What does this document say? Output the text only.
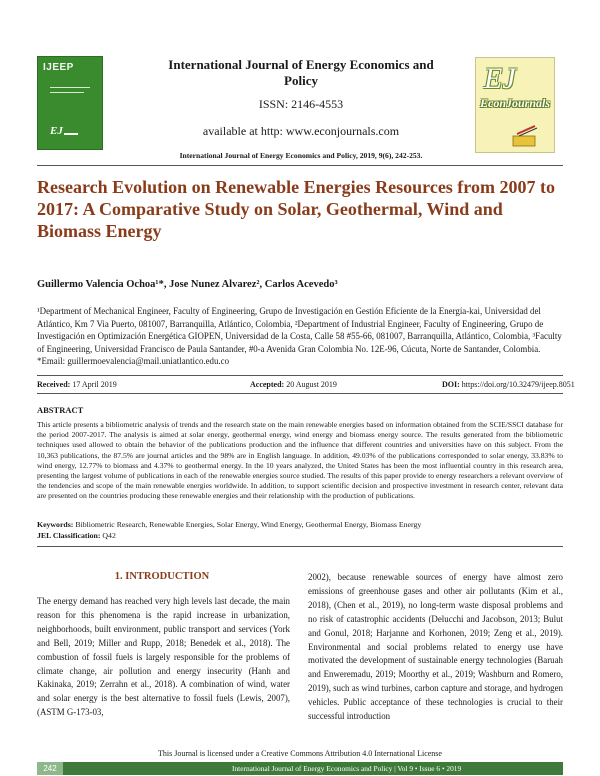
IJEEP
EJ
International Journal of Energy Economics and Policy
ISSN: 2146-4553
available at http: www.econjournals.com
International Journal of Energy Economics and Policy, 2019, 9(6), 242-253.
EJ
EconJournals
Research Evolution on Renewable Energies Resources from 2007 to 2017: A Comparative Study on Solar, Geothermal, Wind and Biomass Energy
Guillermo Valencia Ochoa¹*, Jose Nunez Alvarez², Carlos Acevedo³
¹Department of Mechanical Engineer, Faculty of Engineering, Grupo de Investigación en Gestión Eficiente de la Energía-kai, Universidad del Atlántico, Km 7 Via Puerto, 081007, Barranquilla, Atlántico, Colombia, ²Department of Industrial Engineer, Faculty of Engineering, Grupo de Investigación en Optimización Energética GIOPEN, Universidad de la Costa, Calle 58 #55-66, 081007, Barranquilla, Atlántico, Colombia, ³Faculty of Engineering, Universidad Francisco de Paula Santander, #0-a Avenida Gran Colombia No. 12E-96, Cúcuta, Norte de Santander, Colombia. *Email: guillermoevalencia@mail.uniatlantico.edu.co
Received: 17 April 2019	Accepted: 20 August 2019	DOI: https://doi.org/10.32479/ijeep.8051
ABSTRACT
This article presents a bibliometric analysis of trends and the research state on the main renewable energies based on information obtained from the SCIE/SSCI database for the period 2007-2017. The analysis is aimed at solar energy, geothermal energy, wind energy and biomass energy source. The results generated from the bibliometric techniques used allowed to obtain the behavior of the publications production and the influence that different countries and universities have on this subject. From the 10,363 publications, the 87.5% are journal articles and the 98% are in English language. In addition, 49.03% of the publications corresponded to solar energy, 33.83% to wind energy, 12.77% to biomass and 4.37% to geothermal energy. In the 10 years analyzed, the United States has been the most influential country in this research area, presenting the largest volume of publications in each of the renewable energies source studied. The results of this paper provide to energy researchers a relevant overview of the tendencies and scope of the main renewable energies worldwide. In addition, to support scientific decision and prospective investment in research center, relevant data are presented on the countries producing these renewable energies and their relationship with the production of publications.
Keywords: Bibliometric Research, Renewable Energies, Solar Energy, Wind Energy, Geothermal Energy, Biomass Energy
JEL Classification: Q42
1. INTRODUCTION
The energy demand has reached very high levels last decade, the main reason for this phenomena is the rapid increase in urbanization, neighborhoods, built environment, public transport and services (York and Bell, 2019; Miller and Rupp, 2018; Benedek et al., 2018). The combustion of fossil fuels is largely responsible for the problems of climate change, air pollution and energy insecurity (Hanh and Kakinaka, 2019; Zerrahn et al., 2018). A combination of wind, water and solar energy is the best alternative to fossil fuels (Lewis, 2007), (ASTM G-173-03,
2002), because renewable sources of energy have almost zero emissions of greenhouse gases and other air pollutants (Kim et al., 2018), (Chen et al., 2019), no long-term waste disposal problems and no risk of catastrophic accidents (Delucchi and Jacobson, 2013; Bulut and Gonul, 2018; Harjanne and Korhonen, 2019; Zeng et al., 2019). Environmental and social problems related to energy use have motivated the development of sustainable energy technologies (Baruah and Enweremadu, 2019; Moorthy et al., 2019; Washburn and Romero, 2019), such as wind turbines, carbon capture and storage, and hydrogen vehicles. Public acceptance of these technologies is crucial to their successful introduction
This Journal is licensed under a Creative Commons Attribution 4.0 International License
242	International Journal of Energy Economics and Policy | Vol 9 • Issue 6 • 2019
